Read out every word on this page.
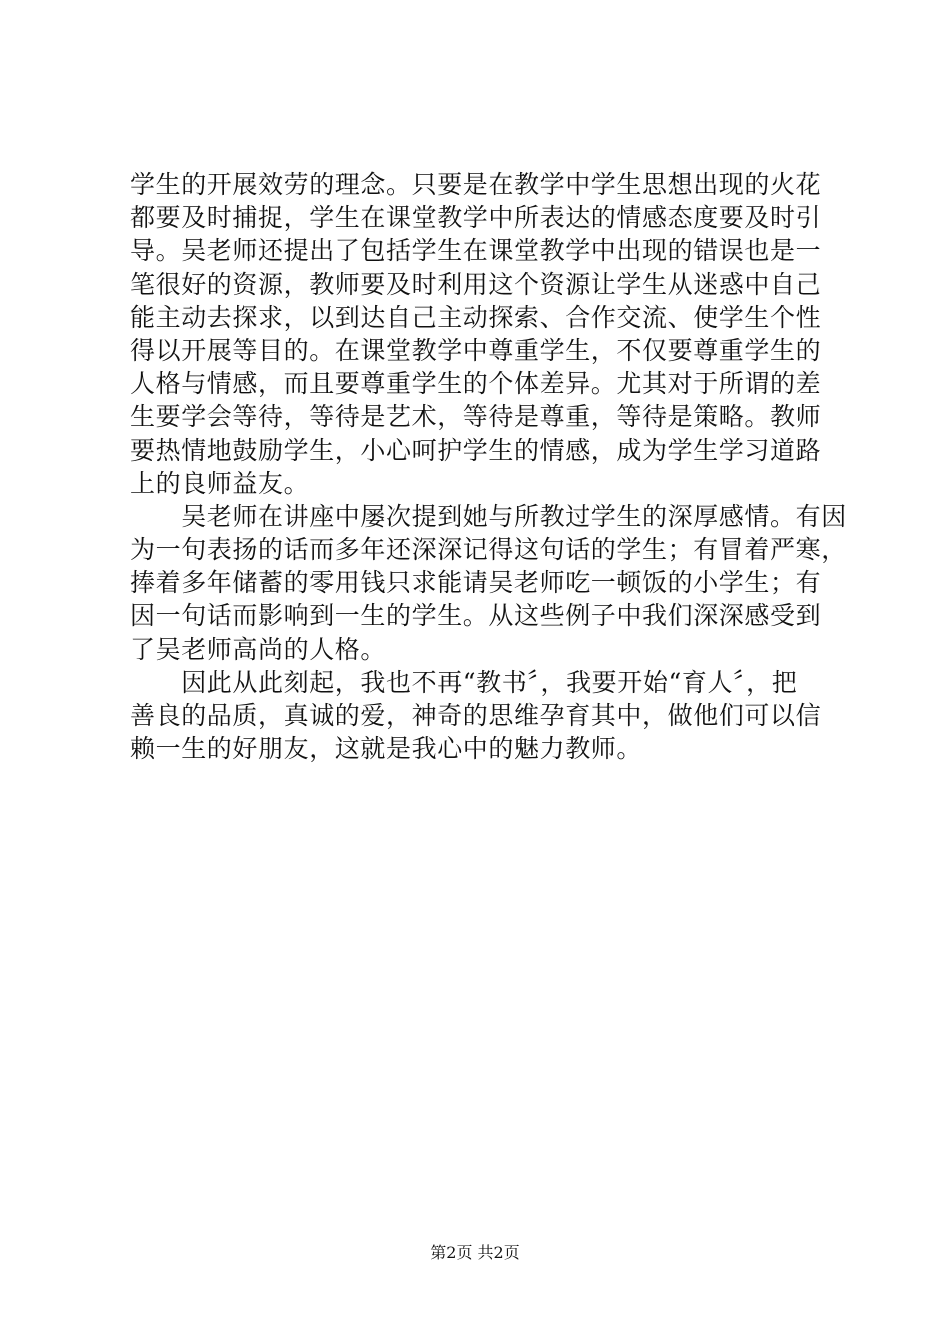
学生的开展效劳的理念。只要是在教学中学生思想出现的火花
都要及时捕捉，学生在课堂教学中所表达的情感态度要及时引
导。吴老师还提出了包括学生在课堂教学中出现的错误也是一
笔很好的资源，教师要及时利用这个资源让学生从迷惑中自己
能主动去探求，以到达自己主动探索、合作交流、使学生个性
得以开展等目的。在课堂教学中尊重学生，不仅要尊重学生的
人格与情感，而且要尊重学生的个体差异。尤其对于所谓的差
生要学会等待，等待是艺术，等待是尊重，等待是策略。教师
要热情地鼓励学生，小心呵护学生的情感，成为学生学习道路
上的良师益友。
　　吴老师在讲座中屡次提到她与所教过学生的深厚感情。有因
为一句表扬的话而多年还深深记得这句话的学生；有冒着严寒，
捧着多年储蓄的零用钱只求能请吴老师吃一顿饭的小学生；有
因一句话而影响到一生的学生。从这些例子中我们深深感受到
了吴老师高尚的人格。
　　因此从此刻起，我也不再“教书〞，我要开始“育人〞，把
善良的品质，真诚的爱，神奇的思维孕育其中，做他们可以信
赖一生的好朋友，这就是我心中的魅力教师。
第2页 共2页
